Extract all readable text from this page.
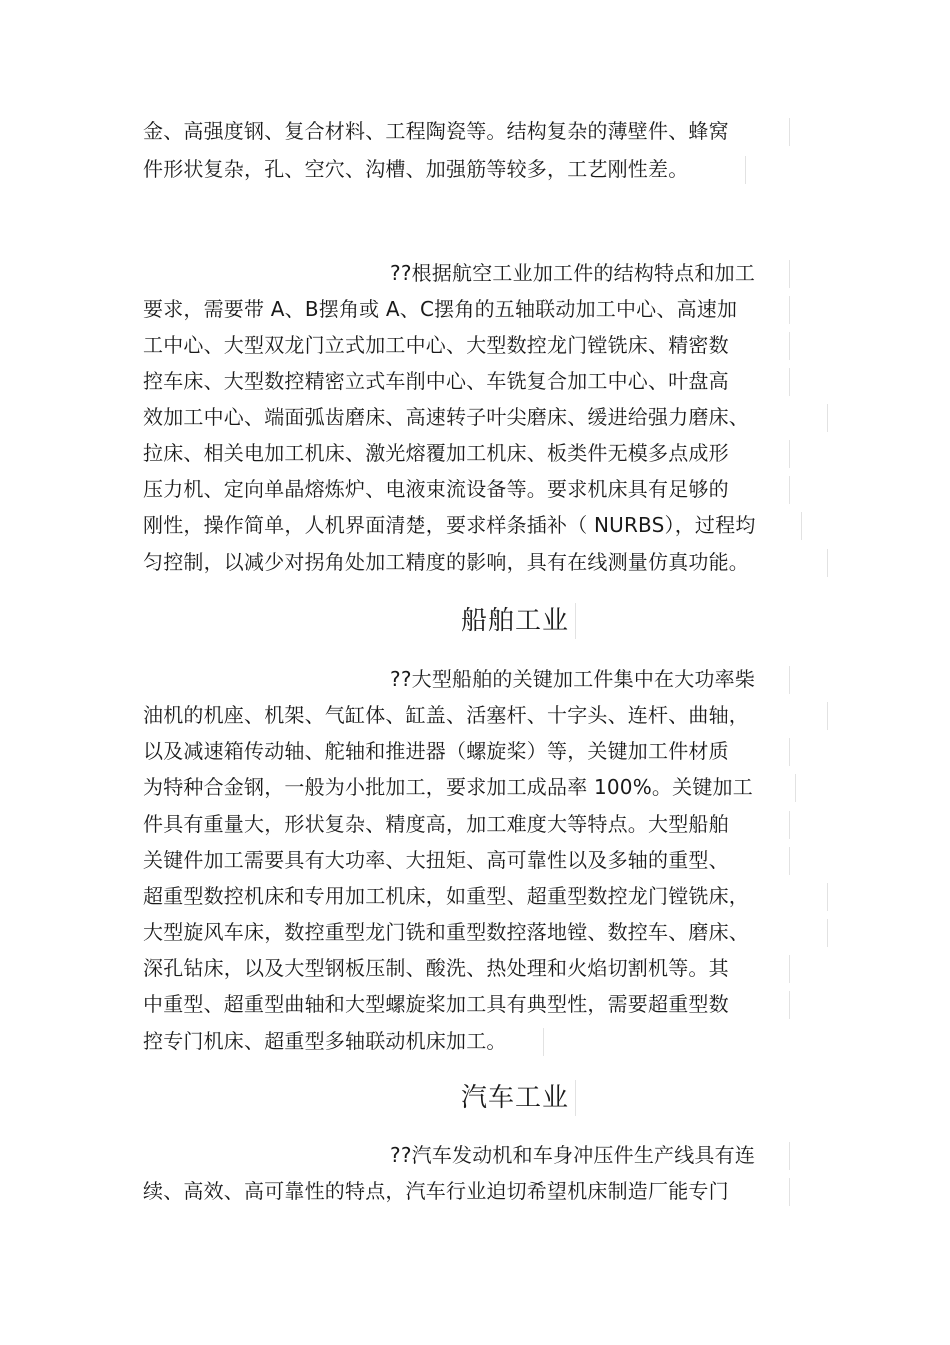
金、高强度钢、复合材料、工程陶瓷等。结构复杂的薄壁件、蜂窝
件形状复杂，孔、空穴、沟槽、加强筋等较多，工艺刚性差。
??根据航空工业加工件的结构特点和加工
要求，需要带 A、B摆角或 A、C摆角的五轴联动加工中心、高速加
工中心、大型双龙门立式加工中心、大型数控龙门镗铣床、精密数
控车床、大型数控精密立式车削中心、车铣复合加工中心、叶盘高
效加工中心、端面弧齿磨床、高速转子叶尖磨床、缓进给强力磨床、
拉床、相关电加工机床、激光熔覆加工机床、板类件无模多点成形
压力机、定向单晶熔炼炉、电液束流设备等。要求机床具有足够的
刚性，操作简单，人机界面清楚，要求样条插补（ NURBS），过程均
匀控制，以减少对拐角处加工精度的影响，具有在线测量仿真功能。
船舶工业
??大型船舶的关键加工件集中在大功率柴
油机的机座、机架、气缸体、缸盖、活塞杆、十字头、连杆、曲轴，
以及减速箱传动轴、舵轴和推进器（螺旋桨）等，关键加工件材质
为特种合金钢，一般为小批加工，要求加工成品率 100%。关键加工
件具有重量大，形状复杂、精度高，加工难度大等特点。大型船舶
关键件加工需要具有大功率、大扭矩、高可靠性以及多轴的重型、
超重型数控机床和专用加工机床，如重型、超重型数控龙门镗铣床，
大型旋风车床，数控重型龙门铣和重型数控落地镗、数控车、磨床、
深孔钻床，以及大型钢板压制、酸洗、热处理和火焰切割机等。其
中重型、超重型曲轴和大型螺旋桨加工具有典型性，需要超重型数
控专门机床、超重型多轴联动机床加工。
汽车工业
??汽车发动机和车身冲压件生产线具有连
续、高效、高可靠性的特点，汽车行业迫切希望机床制造厂能专门
